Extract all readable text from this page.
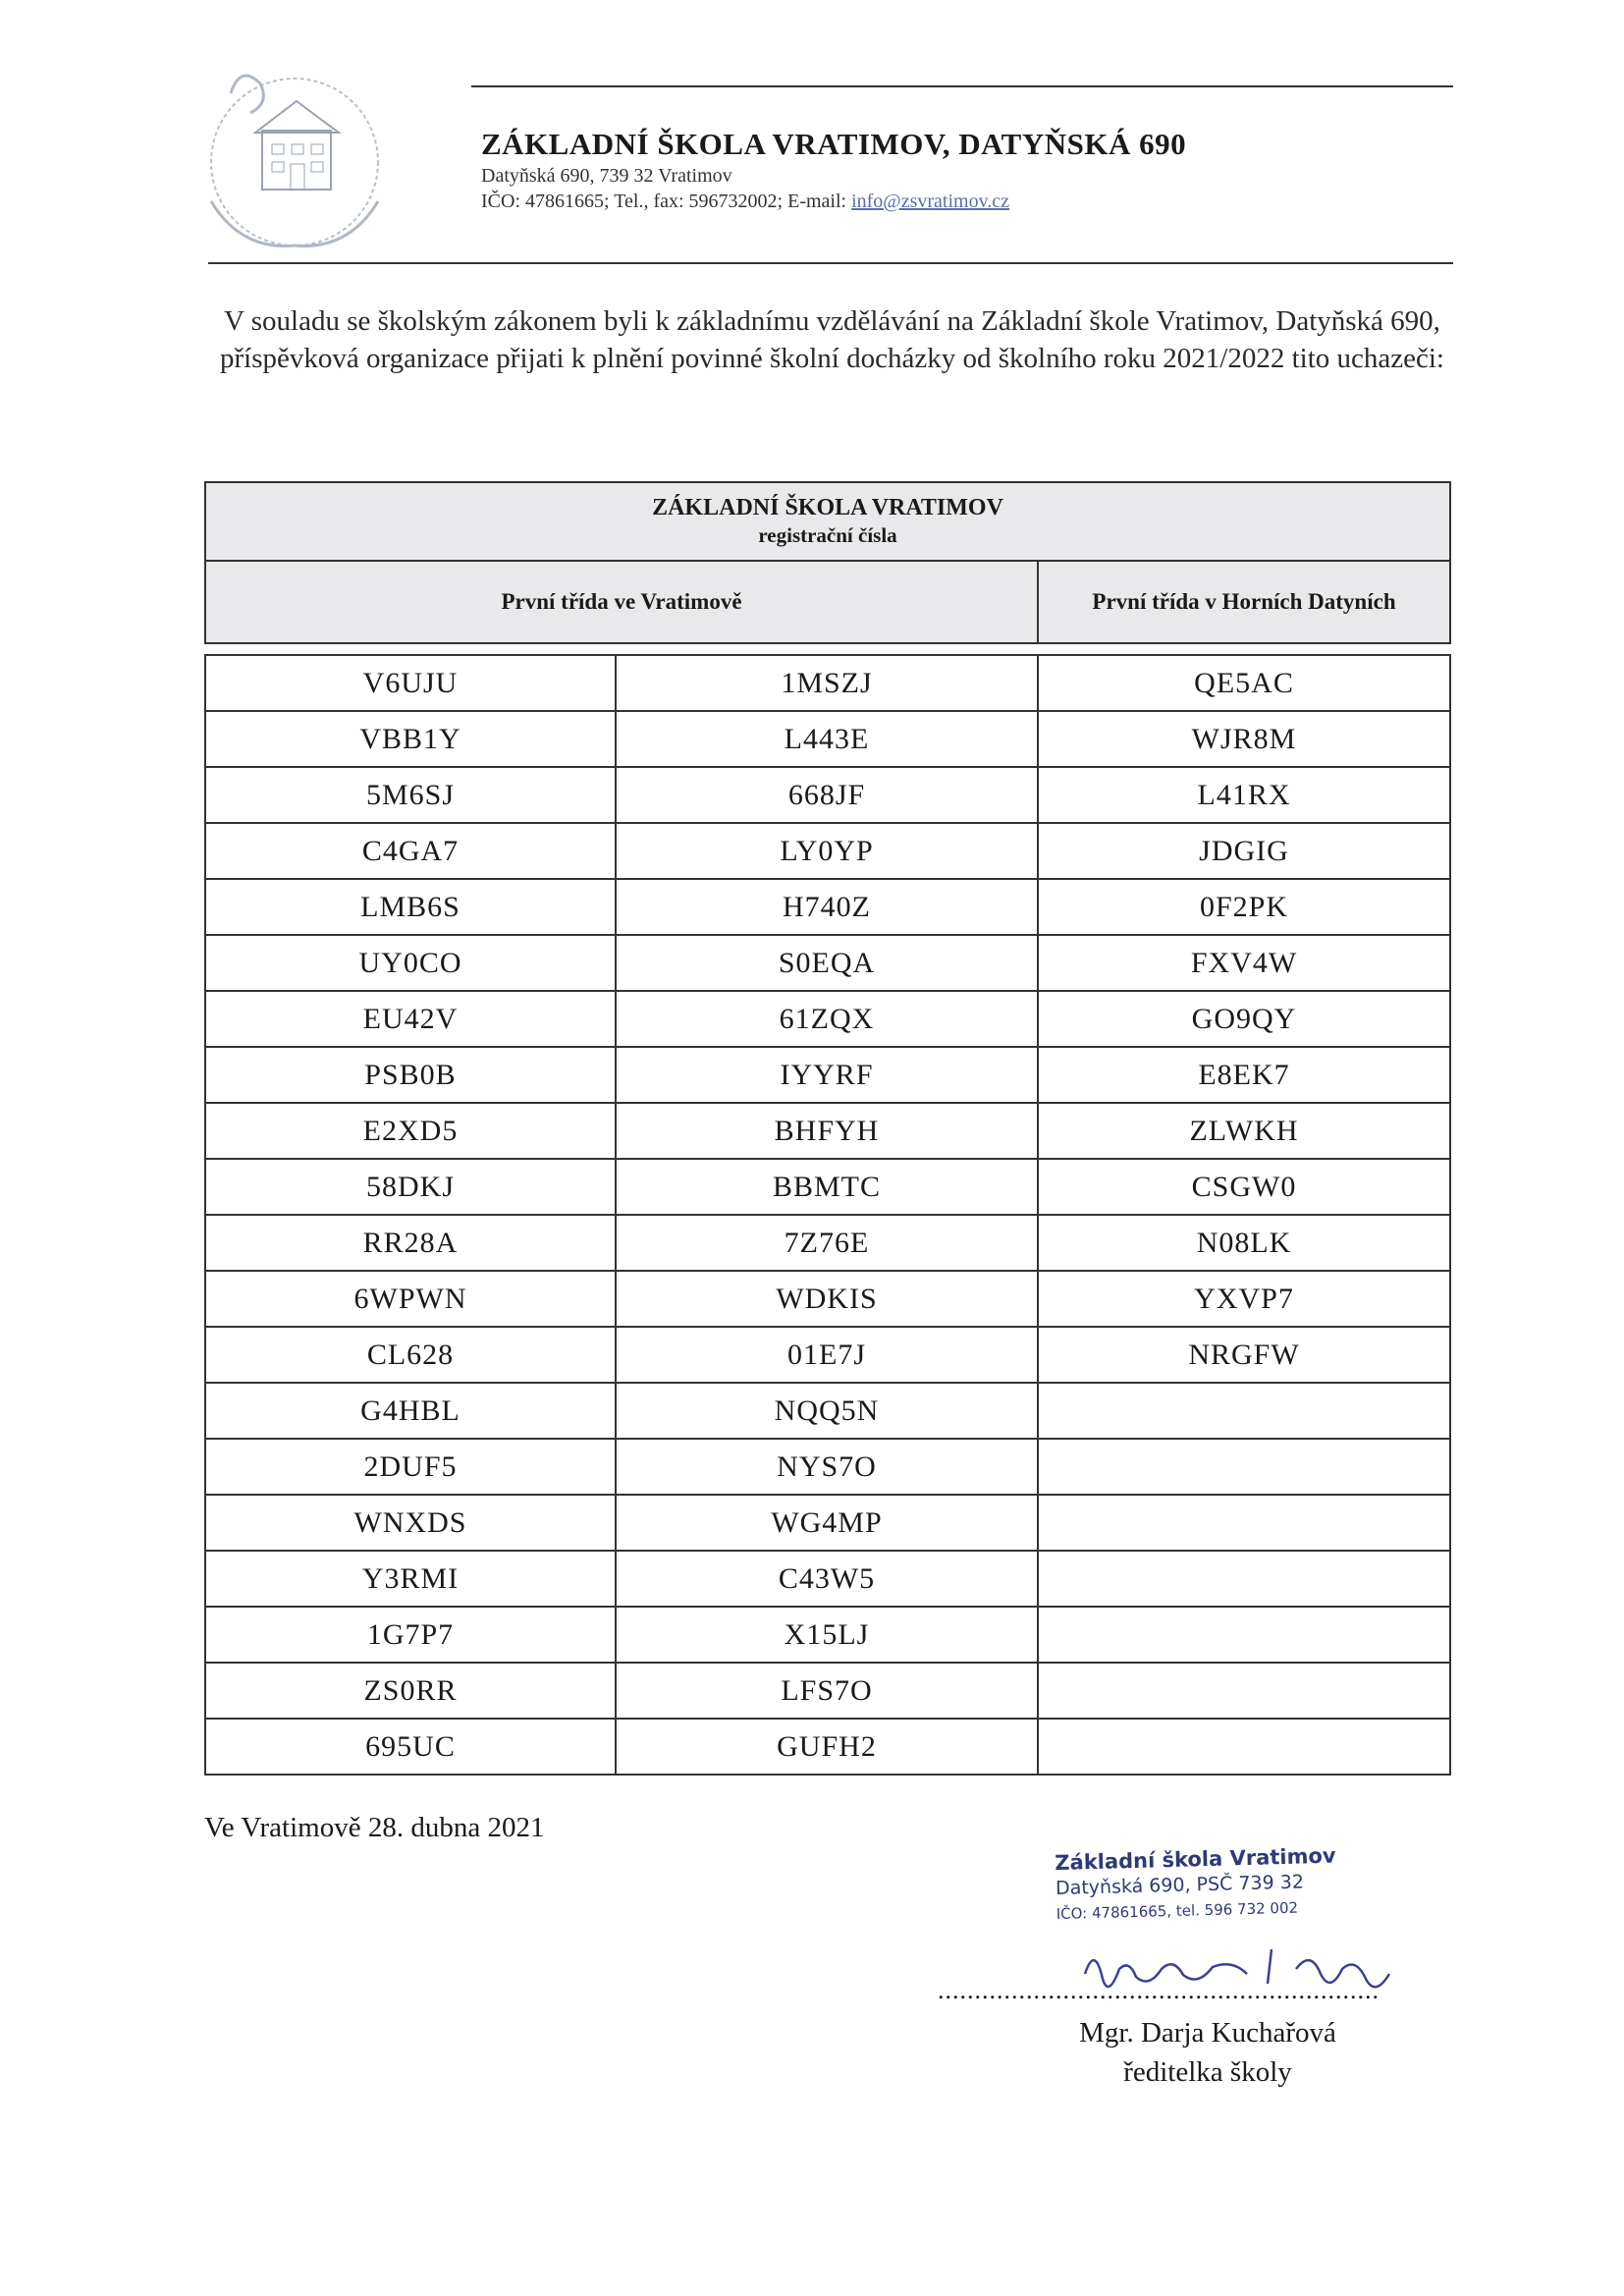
ZÁKLADNÍ ŠKOLA VRATIMOV, DATYŇSKÁ 690
Datyňská 690, 739 32 Vratimov
IČO: 47861665; Tel., fax: 596732002; E-mail: info@zsvratimov.cz
V souladu se školským zákonem byli k základnímu vzdělávání na Základní škole Vratimov, Datyňská 690, příspěvková organizace přijati k plnění povinné školní docházky od školního roku 2021/2022 tito uchazeči:
ZÁKLADNÍ ŠKOLA VRATIMOV
registrační čísla		

První třída ve Vratimově		První třída v Horních Datyních

V6UJU	1MSZJ	QE5AC
VBB1Y	L443E	WJR8M
5M6SJ	668JF	L41RX
C4GA7	LY0YP	JDGIG
LMB6S	H740Z	0F2PK
UY0CO	S0EQA	FXV4W
EU42V	61ZQX	GO9QY
PSB0B	IYYRF	E8EK7
E2XD5	BHFYH	ZLWKH
58DKJ	BBMTC	CSGW0
RR28A	7Z76E	N08LK
6WPWN	WDKIS	YXVP7
CL628	01E7J	NRGFW
G4HBL	NQQ5N	
2DUF5	NYS7O	
WNXDS	WG4MP	
Y3RMI	C43W5	
1G7P7	X15LJ	
ZS0RR	LFS7O	
695UC	GUFH2	
Ve Vratimově 28. dubna 2021
Základní škola Vratimov
Datyňská 690, PSČ 739 32
IČO: 47861665, tel. 596 732 002
............................................................
Mgr. Darja Kuchařová
ředitelka školy
